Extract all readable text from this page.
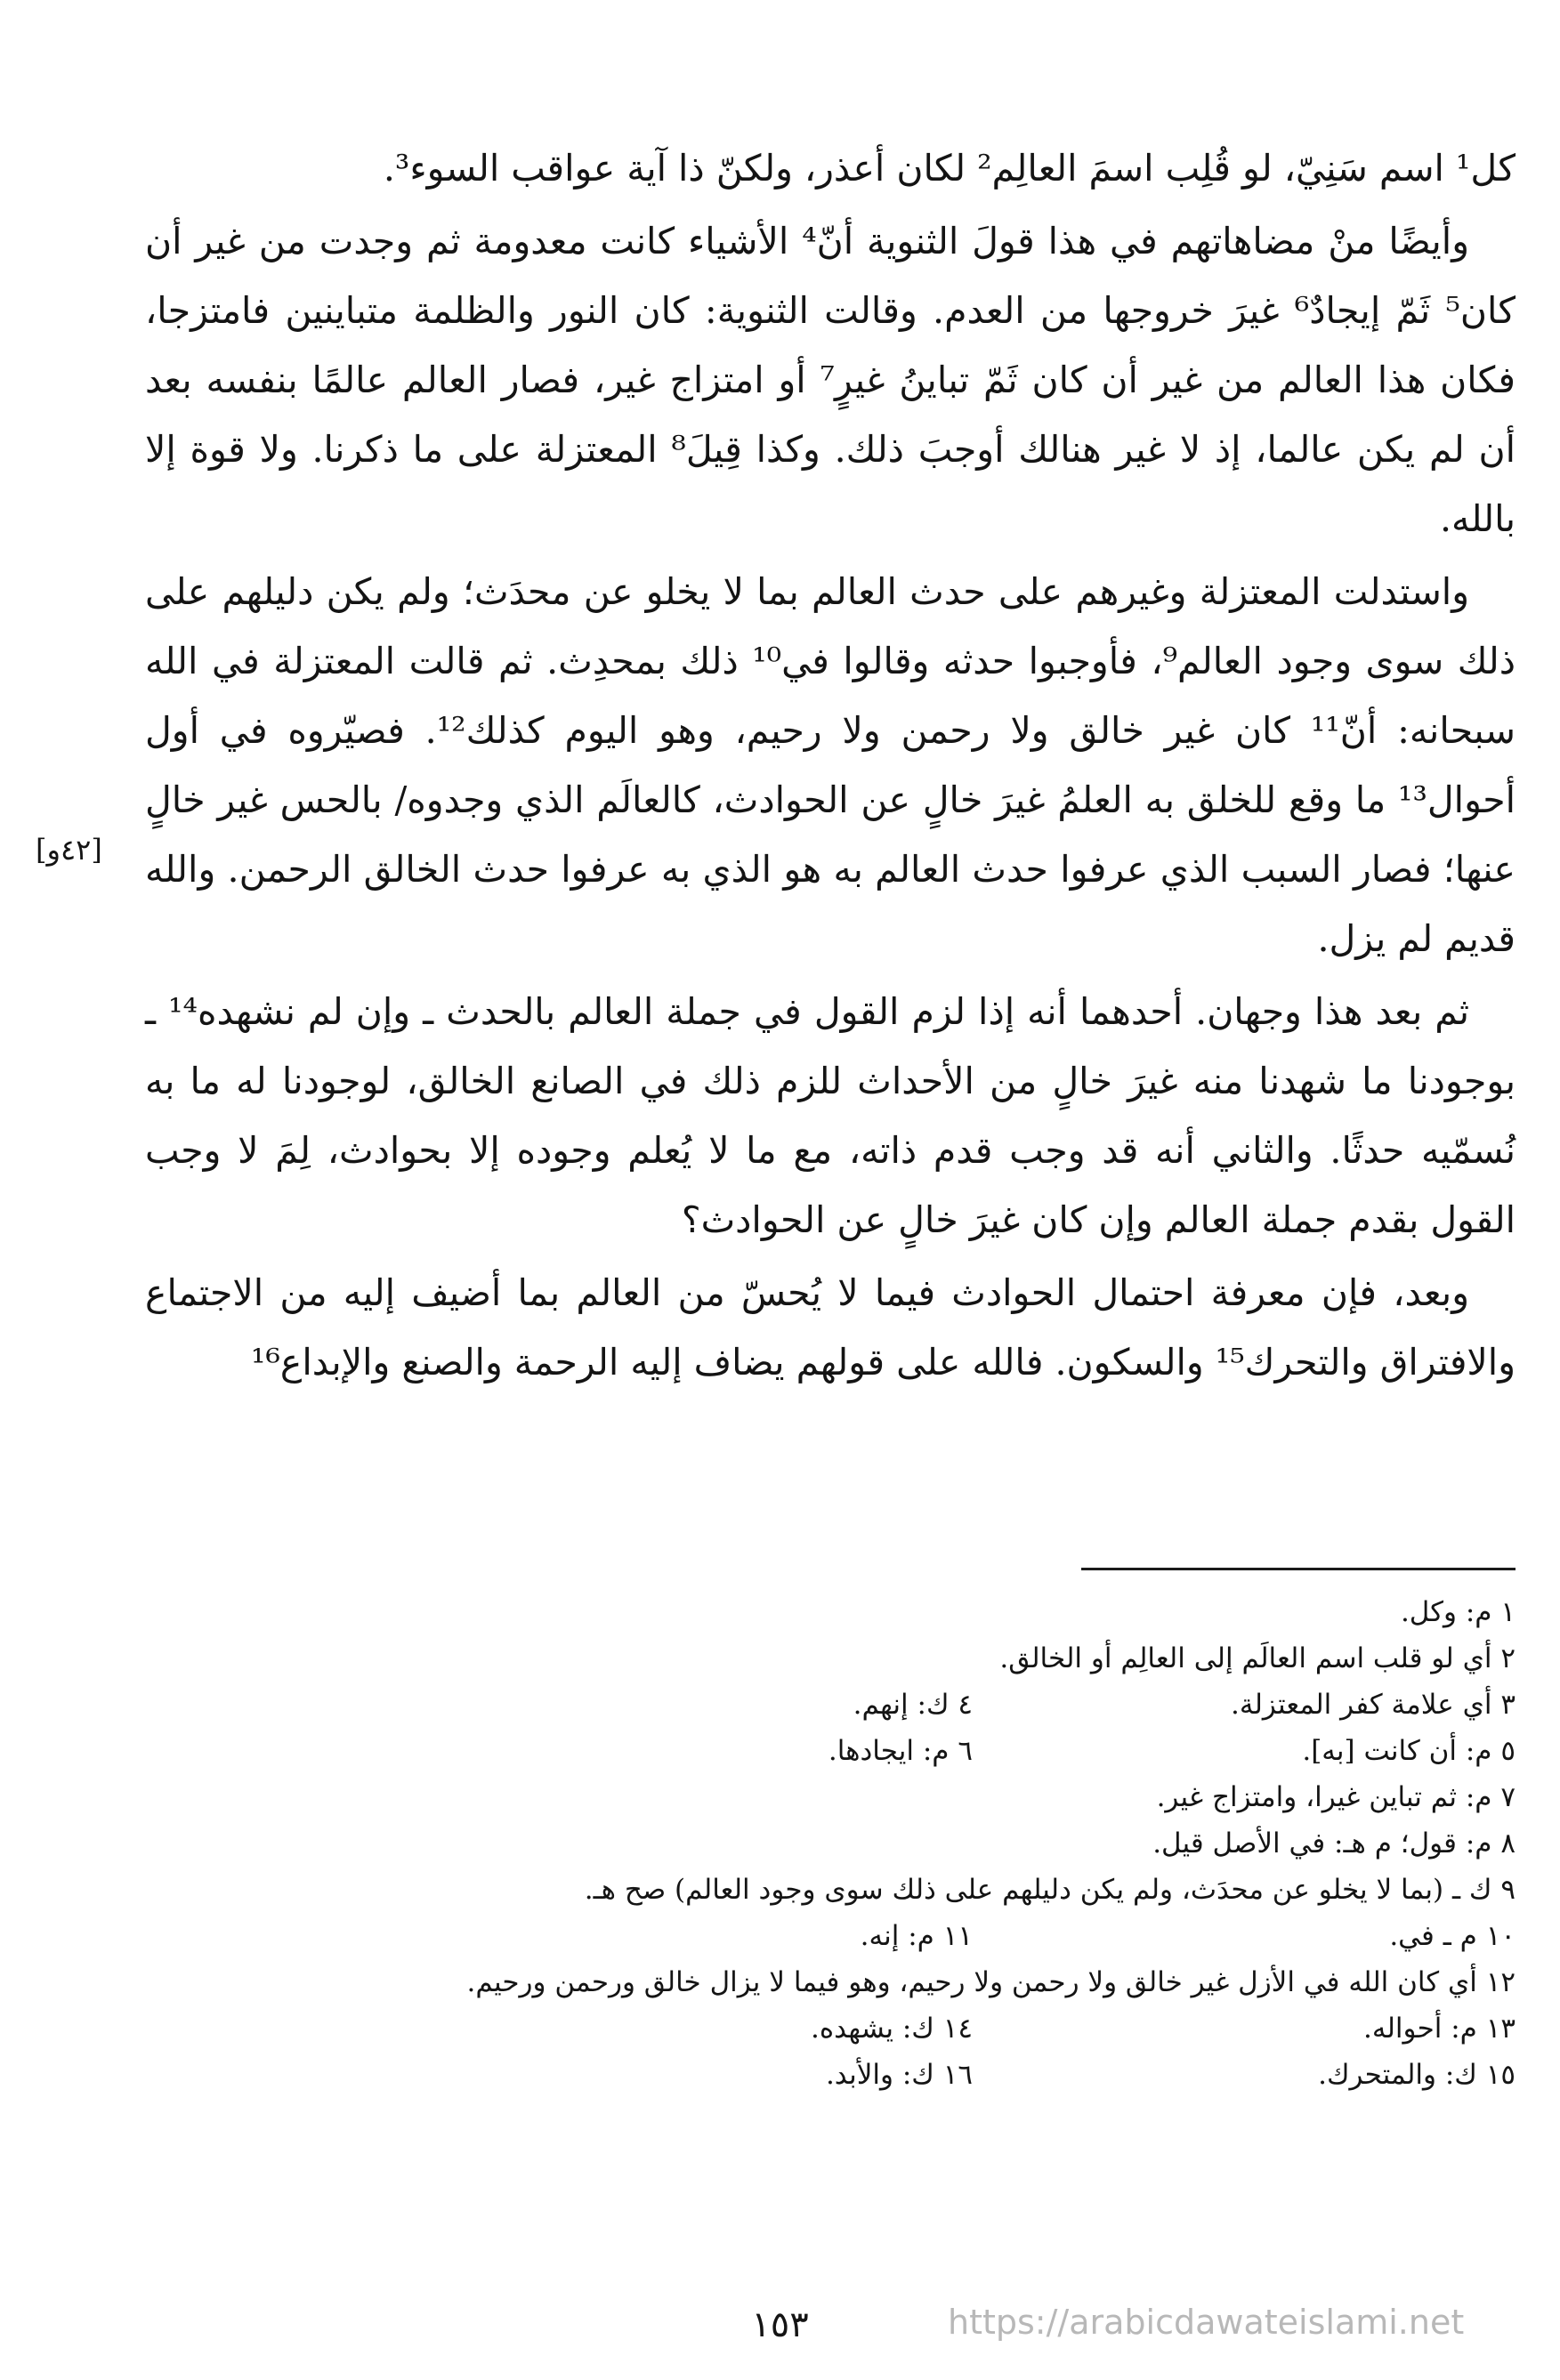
كل¹ اسم سَنِيّ، لو قُلِب اسمَ العالِم² لكان أعذر، ولكنّ ذا آية عواقب السوء³.

وأيضًا منْ مضاهاتهم في هذا قولَ الثنوية أنّ⁴ الأشياء كانت معدومة ثم وجدت من غير أن كان⁵ ثَمّ إيجادٌ⁶ غيرَ خروجها من العدم. وقالت الثنوية: كان النور والظلمة متباينين فامتزجا، فكان هذا العالم من غير أن كان ثَمّ تباينُ غيرٍ⁷ أو امتزاج غير، فصار العالم عالمًا بنفسه بعد أن لم يكن عالما، إذ لا غير هنالك أوجبَ ذلك. وكذا قِيلَ⁸ المعتزلة على ما ذكرنا. ولا قوة إلا بالله.

واستدلت المعتزلة وغيرهم على حدث العالم بما لا يخلو عن محدَث؛ ولم يكن دليلهم على ذلك سوى وجود العالم⁹، فأوجبوا حدثه وقالوا في¹⁰ ذلك بمحدِث. ثم قالت المعتزلة في الله سبحانه: أنّ¹¹ كان غير خالق ولا رحمن ولا رحيم، وهو اليوم كذلك¹². فصيّروه في أول أحوال¹³ ما وقع للخلق به العلمُ غيرَ خالٍ عن الحوادث، كالعالَم الذي وجدوه/ بالحس غير خالٍ عنها؛ فصار السبب الذي عرفوا حدث العالم به هو الذي به عرفوا حدث الخالق الرحمن. والله قديم لم يزل.

ثم بعد هذا وجهان. أحدهما أنه إذا لزم القول في جملة العالم بالحدث ـ وإن لم نشهده¹⁴ ـ بوجودنا ما شهدنا منه غيرَ خالٍ من الأحداث للزم ذلك في الصانع الخالق، لوجودنا له ما به نُسمّيه حدثًا. والثاني أنه قد وجب قدم ذاته، مع ما لا يُعلم وجوده إلا بحوادث، لِمَ لا وجب القول بقدم جملة العالم وإن كان غيرَ خالٍ عن الحوادث؟

وبعد، فإن معرفة احتمال الحوادث فيما لا يُحسّ من العالم بما أضيف إليه من الاجتماع والافتراق والتحرك¹⁵ والسكون. فالله على قولهم يضاف إليه الرحمة والصنع والإبداع¹⁶

[٤٢و]
١ م: وكل.
٢ أي لو قلب اسم العالَم إلى العالِم أو الخالق.
٣ أي علامة كفر المعتزلة.
٤ ك: إنهم.
٥ م: أن كانت [به].
٦ م: ايجادها.
٧ م: ثم تباين غيرا، وامتزاج غير.
٨ م: قول؛ م هـ: في الأصل قيل.
٩ ك ـ (بما لا يخلو عن محدَث، ولم يكن دليلهم على ذلك سوى وجود العالم) صح هـ.
١٠ م ـ في.
١١ م: إنه.
١٢ أي كان الله في الأزل غير خالق ولا رحمن ولا رحيم، وهو فيما لا يزال خالق ورحمن ورحيم.
١٣ م: أحواله.
١٤ ك: يشهده.
١٥ ك: والمتحرك.
١٦ ك: والأبد.
١٥٣	https://arabicdawateislami.net
